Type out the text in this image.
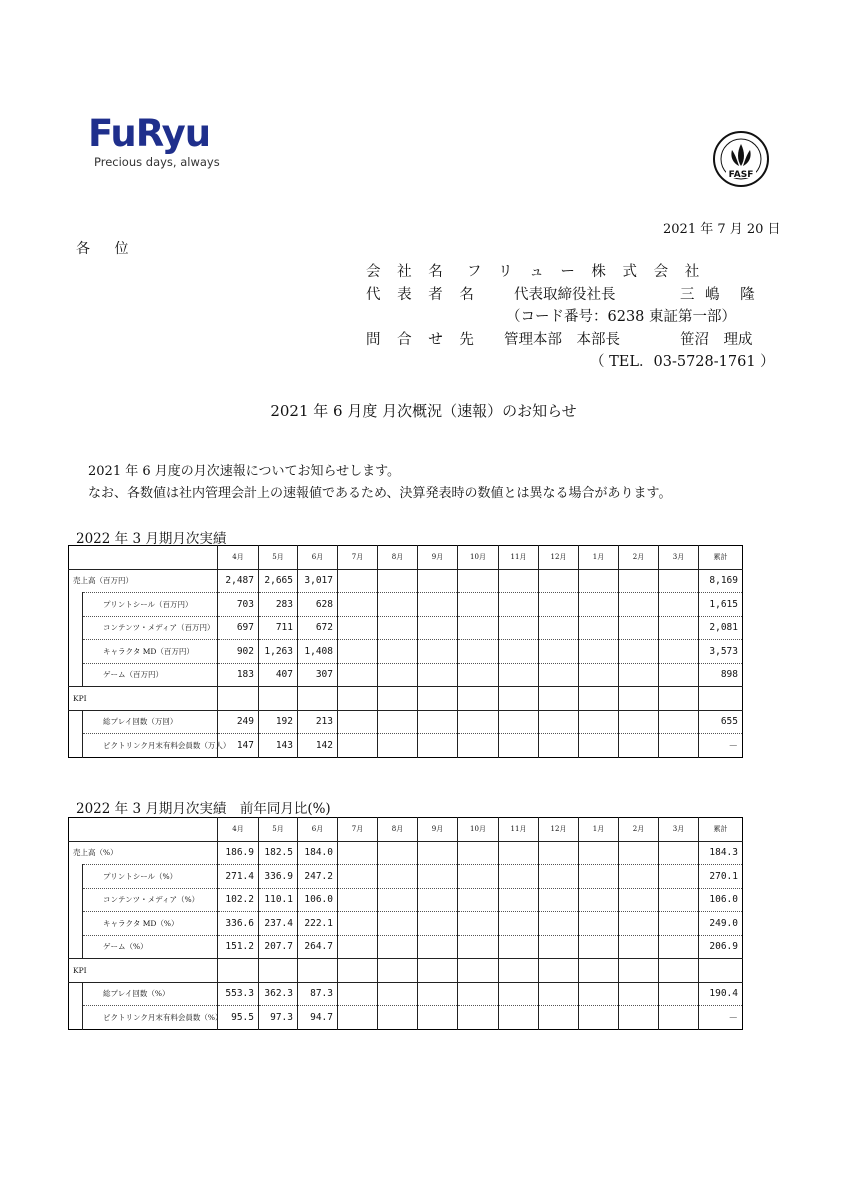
FuRyu
Precious days, always
FASF
2021 年 7 月 20 日
各 位
会 社 名 フ リ ュ ー 株 式 会 社
代 表 者 名 代表取締役社長	三 嶋　隆
（コード番号：6238 東証第一部）
問 合 せ 先 管理本部　本部長	笹沼　理成
（ TEL．03-5728-1761 ）
2021 年 6 月度 月次概況（速報）のお知らせ
2021 年 6 月度の月次速報についてお知らせします。
なお、各数値は社内管理会計上の速報値であるため、決算発表時の数値とは異なる場合があります。
2022 年 3 月期月次実績
		4月	5月	6月	7月	8月	9月	10月	11月	12月	1月	2月	3月	累計
売上高（百万円）		2,487	2,665	3,017										8,169
	プリントシール（百万円）	703	283	628										1,615
	コンテンツ・メディア（百万円）	697	711	672										2,081
	キャラクタ MD（百万円）	902	1,263	1,408										3,573
	ゲーム（百万円）	183	407	307										898
KPI														
	総プレイ回数（万回）	249	192	213										655
	ピクトリンク月末有料会員数（万人）	147	143	142										－
2022 年 3 月期月次実績　前年同月比(%)
		4月	5月	6月	7月	8月	9月	10月	11月	12月	1月	2月	3月	累計
売上高（%）		186.9	182.5	184.0										184.3
	プリントシール（%）	271.4	336.9	247.2										270.1
	コンテンツ・メディア（%）	102.2	110.1	106.0										106.0
	キャラクタ MD（%）	336.6	237.4	222.1										249.0
	ゲーム（%）	151.2	207.7	264.7										206.9
KPI														
	総プレイ回数（%）	553.3	362.3	87.3										190.4
	ピクトリンク月末有料会員数（%）	95.5	97.3	94.7										－
